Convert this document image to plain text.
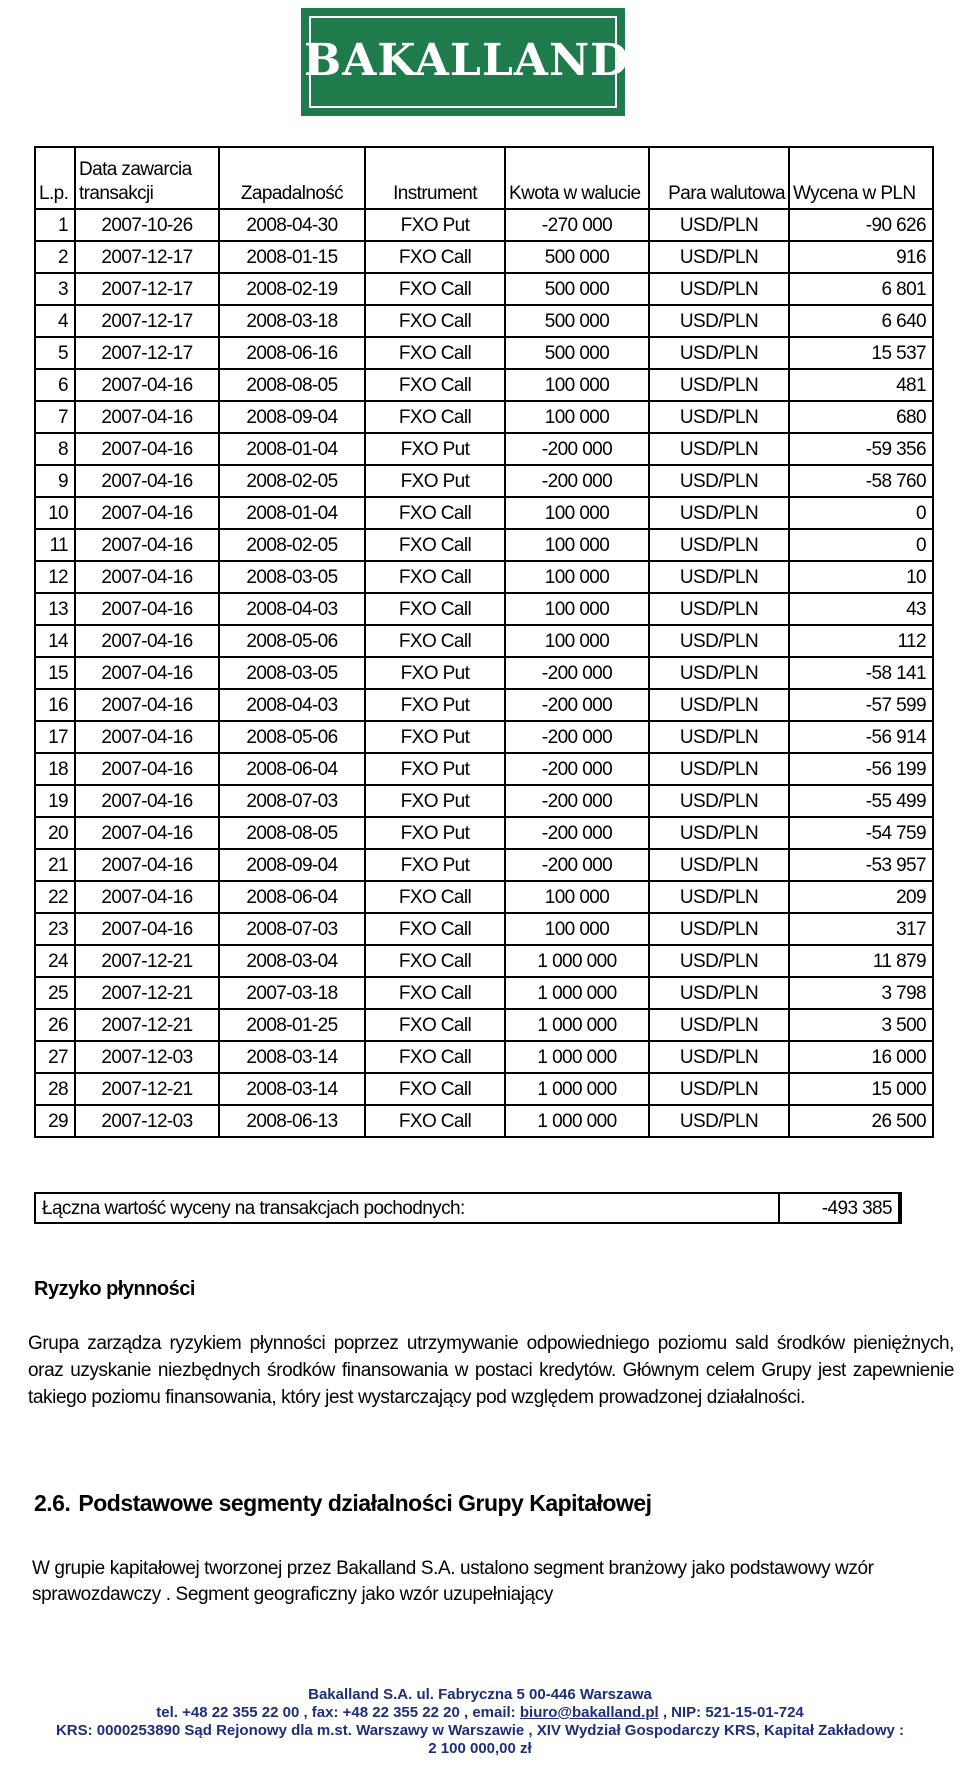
BAKALLAND
L.p.	Data zawarcia transakcji	Zapadalność	Instrument	Kwota w walucie	Para walutowa	Wycena w PLN
1	2007-10-26	2008-04-30	FXO Put	-270 000	USD/PLN	-90 626
2	2007-12-17	2008-01-15	FXO Call	500 000	USD/PLN	916
3	2007-12-17	2008-02-19	FXO Call	500 000	USD/PLN	6 801
4	2007-12-17	2008-03-18	FXO Call	500 000	USD/PLN	6 640
5	2007-12-17	2008-06-16	FXO Call	500 000	USD/PLN	15 537
6	2007-04-16	2008-08-05	FXO Call	100 000	USD/PLN	481
7	2007-04-16	2008-09-04	FXO Call	100 000	USD/PLN	680
8	2007-04-16	2008-01-04	FXO Put	-200 000	USD/PLN	-59 356
9	2007-04-16	2008-02-05	FXO Put	-200 000	USD/PLN	-58 760
10	2007-04-16	2008-01-04	FXO Call	100 000	USD/PLN	0
11	2007-04-16	2008-02-05	FXO Call	100 000	USD/PLN	0
12	2007-04-16	2008-03-05	FXO Call	100 000	USD/PLN	10
13	2007-04-16	2008-04-03	FXO Call	100 000	USD/PLN	43
14	2007-04-16	2008-05-06	FXO Call	100 000	USD/PLN	112
15	2007-04-16	2008-03-05	FXO Put	-200 000	USD/PLN	-58 141
16	2007-04-16	2008-04-03	FXO Put	-200 000	USD/PLN	-57 599
17	2007-04-16	2008-05-06	FXO Put	-200 000	USD/PLN	-56 914
18	2007-04-16	2008-06-04	FXO Put	-200 000	USD/PLN	-56 199
19	2007-04-16	2008-07-03	FXO Put	-200 000	USD/PLN	-55 499
20	2007-04-16	2008-08-05	FXO Put	-200 000	USD/PLN	-54 759
21	2007-04-16	2008-09-04	FXO Put	-200 000	USD/PLN	-53 957
22	2007-04-16	2008-06-04	FXO Call	100 000	USD/PLN	209
23	2007-04-16	2008-07-03	FXO Call	100 000	USD/PLN	317
24	2007-12-21	2008-03-04	FXO Call	1 000 000	USD/PLN	11 879
25	2007-12-21	2007-03-18	FXO Call	1 000 000	USD/PLN	3 798
26	2007-12-21	2008-01-25	FXO Call	1 000 000	USD/PLN	3 500
27	2007-12-03	2008-03-14	FXO Call	1 000 000	USD/PLN	16 000
28	2007-12-21	2008-03-14	FXO Call	1 000 000	USD/PLN	15 000
29	2007-12-03	2008-06-13	FXO Call	1 000 000	USD/PLN	26 500
Łączna wartość wyceny na transakcjach pochodnych:	-493 385
Ryzyko płynności
Grupa zarządza ryzykiem płynności poprzez utrzymywanie odpowiedniego poziomu sald środków pieniężnych, oraz uzyskanie niezbędnych środków finansowania w postaci kredytów. Głównym celem Grupy jest zapewnienie takiego poziomu finansowania, który jest wystarczający pod względem prowadzonej działalności.
2.6. Podstawowe segmenty działalności Grupy Kapitałowej
W grupie kapitałowej tworzonej przez Bakalland S.A. ustalono segment branżowy jako podstawowy wzór sprawozdawczy . Segment geograficzny jako wzór uzupełniający
Bakalland S.A. ul. Fabryczna 5 00-446 Warszawa
tel. +48 22 355 22 00 , fax: +48 22 355 22 20 , email: biuro@bakalland.pl , NIP: 521-15-01-724
KRS: 0000253890 Sąd Rejonowy dla m.st. Warszawy w Warszawie , XIV Wydział Gospodarczy KRS, Kapitał Zakładowy :
2 100 000,00 zł
